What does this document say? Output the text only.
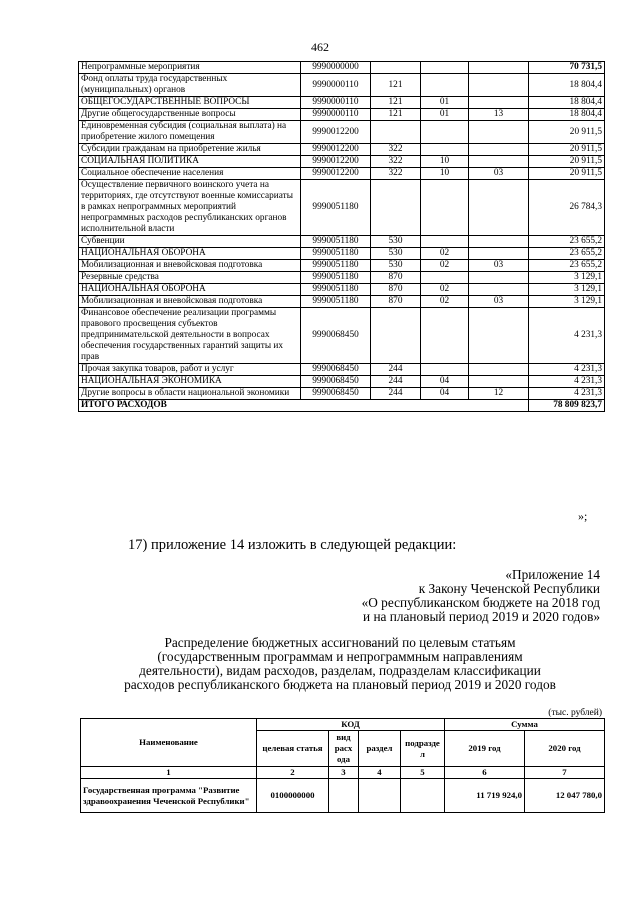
462
Непрограммные мероприятия	9990000000				70 731,5
Фонд оплаты труда государственных (муниципальных) органов	9990000110	121			18 804,4
ОБЩЕГОСУДАРСТВЕННЫЕ ВОПРОСЫ	9990000110	121	01		18 804,4
Другие общегосударственные вопросы	9990000110	121	01	13	18 804,4
Единовременная субсидия (социальная выплата) на приобретение жилого помещения	9990012200				20 911,5
Субсидии гражданам на приобретение жилья	9990012200	322			20 911,5
СОЦИАЛЬНАЯ ПОЛИТИКА	9990012200	322	10		20 911,5
Социальное обеспечение населения	9990012200	322	10	03	20 911,5
Осуществление первичного воинского учета на территориях, где отсутствуют военные комиссариаты в рамках непрограммных мероприятий непрограммных расходов республиканских органов исполнительной власти	9990051180				26 784,3
Субвенции	9990051180	530			23 655,2
НАЦИОНАЛЬНАЯ ОБОРОНА	9990051180	530	02		23 655,2
Мобилизационная и вневойсковая подготовка	9990051180	530	02	03	23 655,2
Резервные средства	9990051180	870			3 129,1
НАЦИОНАЛЬНАЯ ОБОРОНА	9990051180	870	02		3 129,1
Мобилизационная и вневойсковая подготовка	9990051180	870	02	03	3 129,1
Финансовое обеспечение реализации программы правового просвещения субъектов предпринимательской деятельности в вопросах обеспечения государственных гарантий защиты их прав	9990068450				4 231,3
Прочая закупка товаров, работ и услуг	9990068450	244			4 231,3
НАЦИОНАЛЬНАЯ ЭКОНОМИКА	9990068450	244	04		4 231,3
Другие вопросы в области национальной экономики	9990068450	244	04	12	4 231,3
ИТОГО РАСХОДОВ					78 809 823,7
»;
17) приложение 14 изложить в следующей редакции:
«Приложение 14
к Закону Чеченской Республики
«О республиканском бюджете на 2018 год
и на плановый период 2019 и 2020 годов»
Распределение бюджетных ассигнований по целевым статьям
(государственным программам и непрограммным направлениям
деятельности), видам расходов, разделам, подразделам классификации
расходов республиканского бюджета на плановый период 2019 и 2020 годов
(тыс. рублей)
Наименование	КОД				Сумма	
	целевая статья	вид расх ода	раздел	подразде л	2019 год	2020 год
1	2	3	4	5	6	7
Государственная программа "Развитие здравоохранения Чеченской Республики"	0100000000				11 719 924,0	12 047 780,0
